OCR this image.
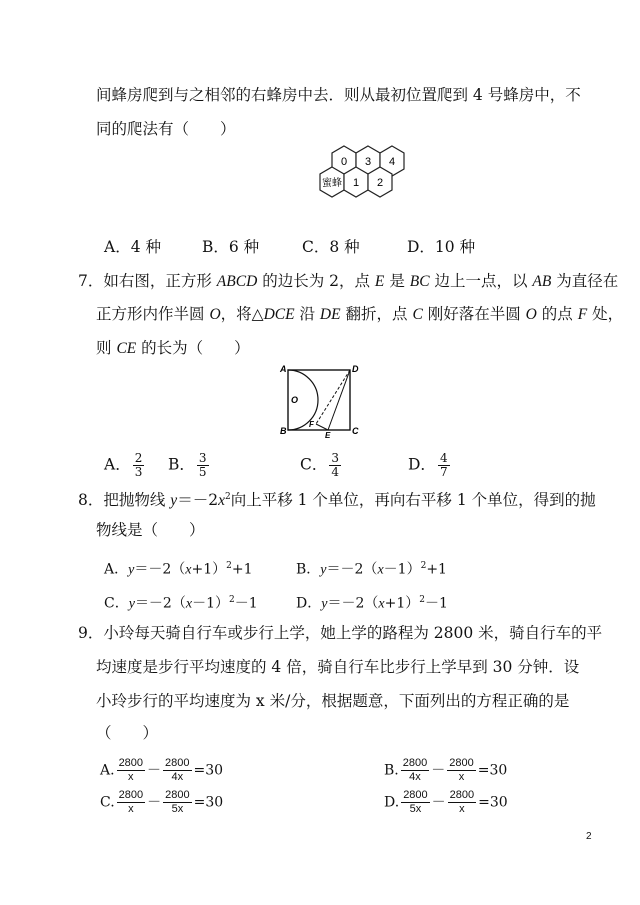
间蜂房爬到与之相邻的右蜂房中去．则从最初位置爬到 4 号蜂房中，不
同的爬法有（　　）
0 3 4
蜜蜂 1 2
A．4 种	B．6 种	C．8 种	D．10 种
7．如右图，正方形 ABCD 的边长为 2，点 E 是 BC 边上一点，以 AB 为直径在
正方形内作半圆 O，将△DCE 沿 DE 翻折，点 C 刚好落在半圆 O 的点 F 处，
则 CE 的长为（　　）
A	D
O
B
F
E C
A． $\frac{2}{3}$ B． $\frac{3}{5}$	C． $\frac{3}{4}$	D． $\frac{4}{7}$
8．把抛物线 $y=-2x^2$向上平移 1 个单位，再向右平移 1 个单位，得到的抛
物线是（　　）
A．$y=-2(x+1)^2+1$	B．$y=-2(x-1)^2+1$
C．$y=-2(x-1)^2-1$	D．$y=-2(x+1)^2-1$
9．小玲每天骑自行车或步行上学，她上学的路程为 2800 米，骑自行车的平
均速度是步行平均速度的 4 倍，骑自行车比步行上学早到 30 分钟．设
小玲步行的平均速度为 x 米/分，根据题意，下面列出的方程正确的是
（　　）
A. $\frac{2800}{x} - \frac{2800}{4x} =30$	B. $\frac{2800}{4x} - \frac{2800}{x} =30$
C. $\frac{2800}{x} - \frac{2800}{5x} =30$	D. $\frac{2800}{5x} - \frac{2800}{x} =30$
2
